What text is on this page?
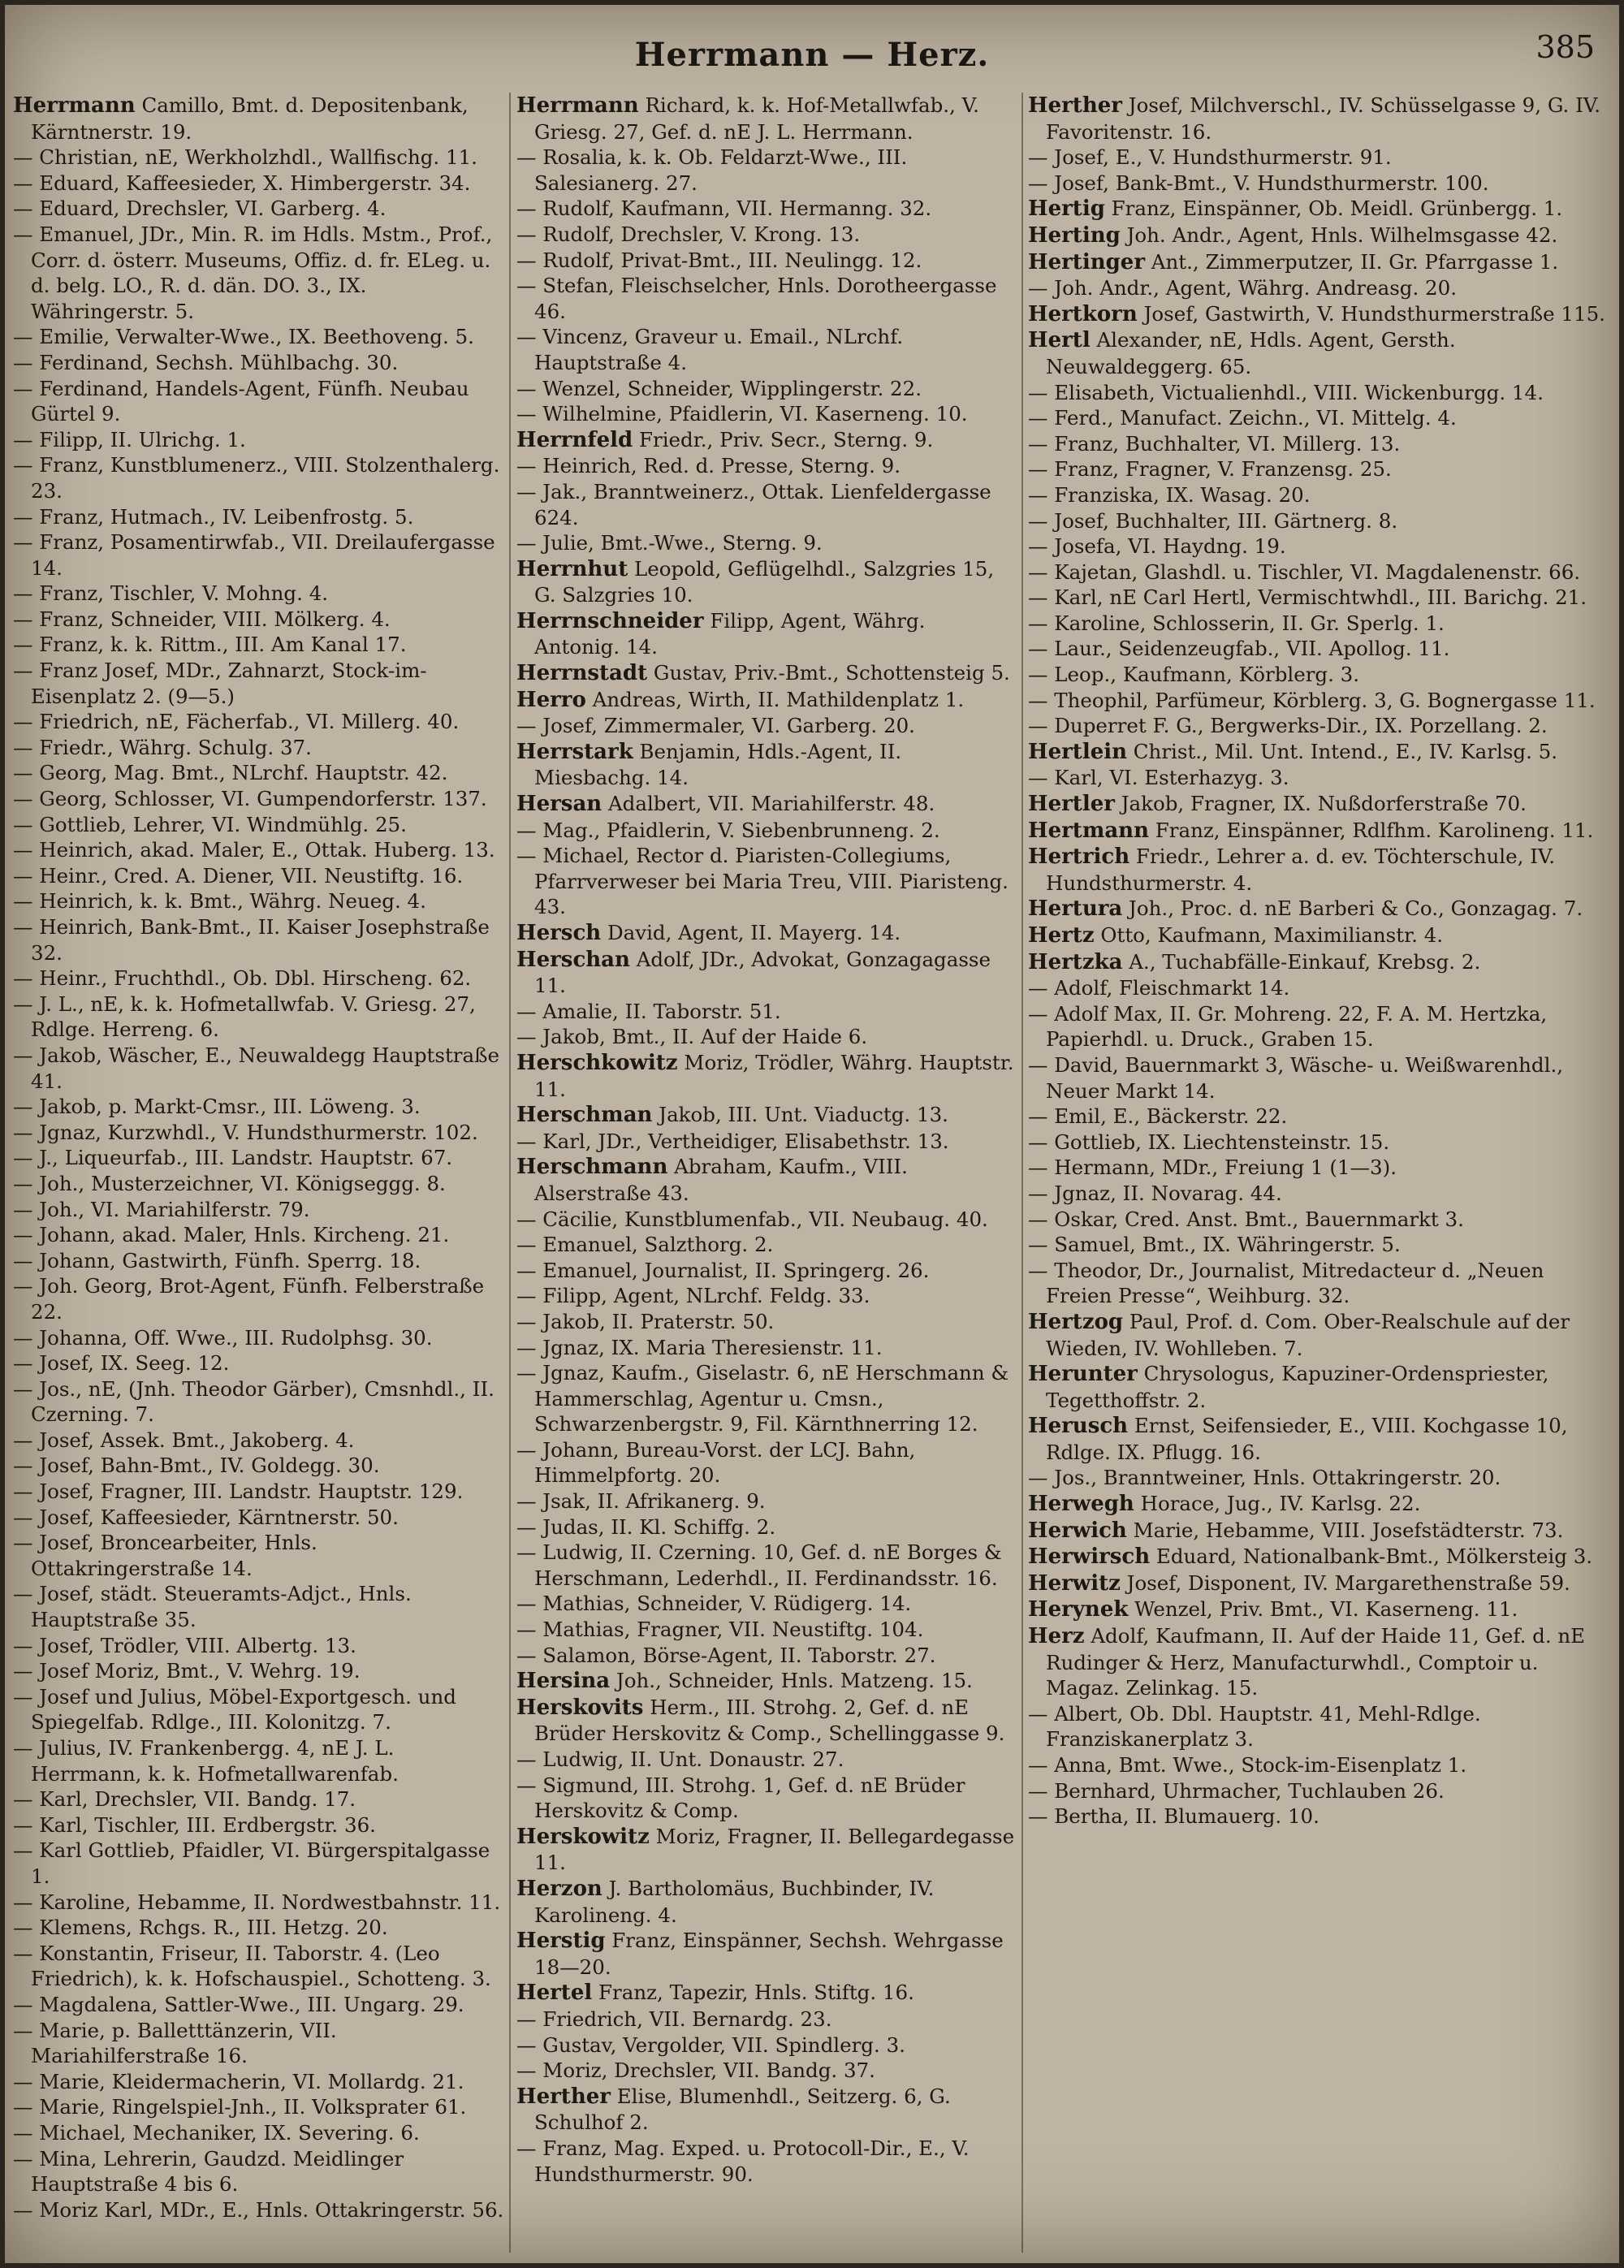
Herrmann — Herz.	385
Herrmann Camillo, Bmt. d. Depositenbank, Kärntnerstr. 19.
— Christian, nE, Werkholzhdl., Wallfischg. 11.
— Eduard, Kaffeesieder, X. Himbergerstr. 34.
— Eduard, Drechsler, VI. Garberg. 4.
— Emanuel, JDr., Min. R. im Hdls. Mstm., Prof., Corr. d. österr. Museums, Offiz. d. fr. ELeg. u. d. belg. LO., R. d. dän. DO. 3., IX. Währingerstr. 5.
— Emilie, Verwalter-Wwe., IX. Beethoveng. 5.
— Ferdinand, Sechsh. Mühlbachg. 30.
— Ferdinand, Handels-Agent, Fünfh. Neubau Gürtel 9.
— Filipp, II. Ulrichg. 1.
— Franz, Kunstblumenerz., VIII. Stolzenthalerg. 23.
— Franz, Hutmach., IV. Leibenfrostg. 5.
— Franz, Posamentirwfab., VII. Dreilaufergasse 14.
— Franz, Tischler, V. Mohng. 4.
— Franz, Schneider, VIII. Mölkerg. 4.
— Franz, k. k. Rittm., III. Am Kanal 17.
— Franz Josef, MDr., Zahnarzt, Stock-im-Eisenplatz 2. (9—5.)
— Friedrich, nE, Fächerfab., VI. Millerg. 40.
— Friedr., Währg. Schulg. 37.
— Georg, Mag. Bmt., NLrchf. Hauptstr. 42.
— Georg, Schlosser, VI. Gumpendorferstr. 137.
— Gottlieb, Lehrer, VI. Windmühlg. 25.
— Heinrich, akad. Maler, E., Ottak. Huberg. 13.
— Heinr., Cred. A. Diener, VII. Neustiftg. 16.
— Heinrich, k. k. Bmt., Währg. Neueg. 4.
— Heinrich, Bank-Bmt., II. Kaiser Josephstraße 32.
— Heinr., Fruchthdl., Ob. Dbl. Hirscheng. 62.
— J. L., nE, k. k. Hofmetallwfab. V. Griesg. 27, Rdlge. Herreng. 6.
— Jakob, Wäscher, E., Neuwaldegg Hauptstraße 41.
— Jakob, p. Markt-Cmsr., III. Löweng. 3.
— Jgnaz, Kurzwhdl., V. Hundsthurmerstr. 102.
— J., Liqueurfab., III. Landstr. Hauptstr. 67.
— Joh., Musterzeichner, VI. Königseggg. 8.
— Joh., VI. Mariahilferstr. 79.
— Johann, akad. Maler, Hnls. Kircheng. 21.
— Johann, Gastwirth, Fünfh. Sperrg. 18.
— Joh. Georg, Brot-Agent, Fünfh. Felberstraße 22.
— Johanna, Off. Wwe., III. Rudolphsg. 30.
— Josef, IX. Seeg. 12.
— Jos., nE, (Jnh. Theodor Gärber), Cmsnhdl., II. Czerning. 7.
— Josef, Assek. Bmt., Jakoberg. 4.
— Josef, Bahn-Bmt., IV. Goldegg. 30.
— Josef, Fragner, III. Landstr. Hauptstr. 129.
— Josef, Kaffeesieder, Kärntnerstr. 50.
— Josef, Broncearbeiter, Hnls. Ottakringerstraße 14.
— Josef, städt. Steueramts-Adjct., Hnls. Hauptstraße 35.
— Josef, Trödler, VIII. Albertg. 13.
— Josef Moriz, Bmt., V. Wehrg. 19.
— Josef und Julius, Möbel-Exportgesch. und Spiegelfab. Rdlge., III. Kolonitzg. 7.
— Julius, IV. Frankenbergg. 4, nE J. L. Herrmann, k. k. Hofmetallwarenfab.
— Karl, Drechsler, VII. Bandg. 17.
— Karl, Tischler, III. Erdbergstr. 36.
— Karl Gottlieb, Pfaidler, VI. Bürgerspitalgasse 1.
— Karoline, Hebamme, II. Nordwestbahnstr. 11.
— Klemens, Rchgs. R., III. Hetzg. 20.
— Konstantin, Friseur, II. Taborstr. 4. (Leo Friedrich), k. k. Hofschauspiel., Schotteng. 3.
— Magdalena, Sattler-Wwe., III. Ungarg. 29.
— Marie, p. Balletttänzerin, VII. Mariahilferstraße 16.
— Marie, Kleidermacherin, VI. Mollardg. 21.
— Marie, Ringelspiel-Jnh., II. Volksprater 61.
— Michael, Mechaniker, IX. Severing. 6.
— Mina, Lehrerin, Gaudzd. Meidlinger Hauptstraße 4 bis 6.
— Moriz Karl, MDr., E., Hnls. Ottakringerstr. 56.
Herrmann Richard, k. k. Hof-Metallwfab., V. Griesg. 27, Gef. d. nE J. L. Herrmann.
— Rosalia, k. k. Ob. Feldarzt-Wwe., III. Salesianerg. 27.
— Rudolf, Kaufmann, VII. Hermanng. 32.
— Rudolf, Drechsler, V. Krong. 13.
— Rudolf, Privat-Bmt., III. Neulingg. 12.
— Stefan, Fleischselcher, Hnls. Dorotheergasse 46.
— Vincenz, Graveur u. Email., NLrchf. Hauptstraße 4.
— Wenzel, Schneider, Wipplingerstr. 22.
— Wilhelmine, Pfaidlerin, VI. Kaserneng. 10.
Herrnfeld Friedr., Priv. Secr., Sterng. 9.
— Heinrich, Red. d. Presse, Sterng. 9.
— Jak., Branntweinerz., Ottak. Lienfeldergasse 624.
— Julie, Bmt.-Wwe., Sterng. 9.
Herrnhut Leopold, Geflügelhdl., Salzgries 15, G. Salzgries 10.
Herrnschneider Filipp, Agent, Währg. Antonig. 14.
Herrnstadt Gustav, Priv.-Bmt., Schottensteig 5.
Herro Andreas, Wirth, II. Mathildenplatz 1.
— Josef, Zimmermaler, VI. Garberg. 20.
Herrstark Benjamin, Hdls.-Agent, II. Miesbachg. 14.
Hersan Adalbert, VII. Mariahilferstr. 48.
— Mag., Pfaidlerin, V. Siebenbrunneng. 2.
— Michael, Rector d. Piaristen-Collegiums, Pfarrverweser bei Maria Treu, VIII. Piaristeng. 43.
Hersch David, Agent, II. Mayerg. 14.
Herschan Adolf, JDr., Advokat, Gonzagagasse 11.
— Amalie, II. Taborstr. 51.
— Jakob, Bmt., II. Auf der Haide 6.
Herschkowitz Moriz, Trödler, Währg. Hauptstr. 11.
Herschman Jakob, III. Unt. Viaductg. 13.
— Karl, JDr., Vertheidiger, Elisabethstr. 13.
Herschmann Abraham, Kaufm., VIII. Alserstraße 43.
— Cäcilie, Kunstblumenfab., VII. Neubaug. 40.
— Emanuel, Salzthorg. 2.
— Emanuel, Journalist, II. Springerg. 26.
— Filipp, Agent, NLrchf. Feldg. 33.
— Jakob, II. Praterstr. 50.
— Jgnaz, IX. Maria Theresienstr. 11.
— Jgnaz, Kaufm., Giselastr. 6, nE Herschmann & Hammerschlag, Agentur u. Cmsn., Schwarzenbergstr. 9, Fil. Kärnthnerring 12.
— Johann, Bureau-Vorst. der LCJ. Bahn, Himmelpfortg. 20.
— Jsak, II. Afrikanerg. 9.
— Judas, II. Kl. Schiffg. 2.
— Ludwig, II. Czerning. 10, Gef. d. nE Borges & Herschmann, Lederhdl., II. Ferdinandsstr. 16.
— Mathias, Schneider, V. Rüdigerg. 14.
— Mathias, Fragner, VII. Neustiftg. 104.
— Salamon, Börse-Agent, II. Taborstr. 27.
Hersina Joh., Schneider, Hnls. Matzeng. 15.
Herskovits Herm., III. Strohg. 2, Gef. d. nE Brüder Herskovitz & Comp., Schellinggasse 9.
— Ludwig, II. Unt. Donaustr. 27.
— Sigmund, III. Strohg. 1, Gef. d. nE Brüder Herskovitz & Comp.
Herskowitz Moriz, Fragner, II. Bellegardegasse 11.
Herzon J. Bartholomäus, Buchbinder, IV. Karolineng. 4.
Herstig Franz, Einspänner, Sechsh. Wehrgasse 18—20.
Hertel Franz, Tapezir, Hnls. Stiftg. 16.
— Friedrich, VII. Bernardg. 23.
— Gustav, Vergolder, VII. Spindlerg. 3.
— Moriz, Drechsler, VII. Bandg. 37.
Herther Elise, Blumenhdl., Seitzerg. 6, G. Schulhof 2.
— Franz, Mag. Exped. u. Protocoll-Dir., E., V. Hundsthurmerstr. 90.
Herther Josef, Milchverschl., IV. Schüsselgasse 9, G. IV. Favoritenstr. 16.
— Josef, E., V. Hundsthurmerstr. 91.
— Josef, Bank-Bmt., V. Hundsthurmerstr. 100.
Hertig Franz, Einspänner, Ob. Meidl. Grünbergg. 1.
Herting Joh. Andr., Agent, Hnls. Wilhelmsgasse 42.
Hertinger Ant., Zimmerputzer, II. Gr. Pfarrgasse 1.
— Joh. Andr., Agent, Währg. Andreasg. 20.
Hertkorn Josef, Gastwirth, V. Hundsthurmerstraße 115.
Hertl Alexander, nE, Hdls. Agent, Gersth. Neuwaldeggerg. 65.
— Elisabeth, Victualienhdl., VIII. Wickenburgg. 14.
— Ferd., Manufact. Zeichn., VI. Mittelg. 4.
— Franz, Buchhalter, VI. Millerg. 13.
— Franz, Fragner, V. Franzensg. 25.
— Franziska, IX. Wasag. 20.
— Josef, Buchhalter, III. Gärtnerg. 8.
— Josefa, VI. Haydng. 19.
— Kajetan, Glashdl. u. Tischler, VI. Magdalenenstr. 66.
— Karl, nE Carl Hertl, Vermischtwhdl., III. Barichg. 21.
— Karoline, Schlosserin, II. Gr. Sperlg. 1.
— Laur., Seidenzeugfab., VII. Apollog. 11.
— Leop., Kaufmann, Körblerg. 3.
— Theophil, Parfümeur, Körblerg. 3, G. Bognergasse 11.
— Duperret F. G., Bergwerks-Dir., IX. Porzellang. 2.
Hertlein Christ., Mil. Unt. Intend., E., IV. Karlsg. 5.
— Karl, VI. Esterhazyg. 3.
Hertler Jakob, Fragner, IX. Nußdorferstraße 70.
Hertmann Franz, Einspänner, Rdlfhm. Karolineng. 11.
Hertrich Friedr., Lehrer a. d. ev. Töchterschule, IV. Hundsthurmerstr. 4.
Hertura Joh., Proc. d. nE Barberi & Co., Gonzagag. 7.
Hertz Otto, Kaufmann, Maximilianstr. 4.
Hertzka A., Tuchabfälle-Einkauf, Krebsg. 2.
— Adolf, Fleischmarkt 14.
— Adolf Max, II. Gr. Mohreng. 22, F. A. M. Hertzka, Papierhdl. u. Druck., Graben 15.
— David, Bauernmarkt 3, Wäsche- u. Weißwarenhdl., Neuer Markt 14.
— Emil, E., Bäckerstr. 22.
— Gottlieb, IX. Liechtensteinstr. 15.
— Hermann, MDr., Freiung 1 (1—3).
— Jgnaz, II. Novarag. 44.
— Oskar, Cred. Anst. Bmt., Bauernmarkt 3.
— Samuel, Bmt., IX. Währingerstr. 5.
— Theodor, Dr., Journalist, Mitredacteur d. „Neuen Freien Presse“, Weihburg. 32.
Hertzog Paul, Prof. d. Com. Ober-Realschule auf der Wieden, IV. Wohlleben. 7.
Herunter Chrysologus, Kapuziner-Ordenspriester, Tegetthoffstr. 2.
Herusch Ernst, Seifensieder, E., VIII. Kochgasse 10, Rdlge. IX. Pflugg. 16.
— Jos., Branntweiner, Hnls. Ottakringerstr. 20.
Herwegh Horace, Jug., IV. Karlsg. 22.
Herwich Marie, Hebamme, VIII. Josefstädterstr. 73.
Herwirsch Eduard, Nationalbank-Bmt., Mölkersteig 3.
Herwitz Josef, Disponent, IV. Margarethenstraße 59.
Herynek Wenzel, Priv. Bmt., VI. Kaserneng. 11.
Herz Adolf, Kaufmann, II. Auf der Haide 11, Gef. d. nE Rudinger & Herz, Manufacturwhdl., Comptoir u. Magaz. Zelinkag. 15.
— Albert, Ob. Dbl. Hauptstr. 41, Mehl-Rdlge. Franziskanerplatz 3.
— Anna, Bmt. Wwe., Stock-im-Eisenplatz 1.
— Bernhard, Uhrmacher, Tuchlauben 26.
— Bertha, II. Blumauerg. 10.
